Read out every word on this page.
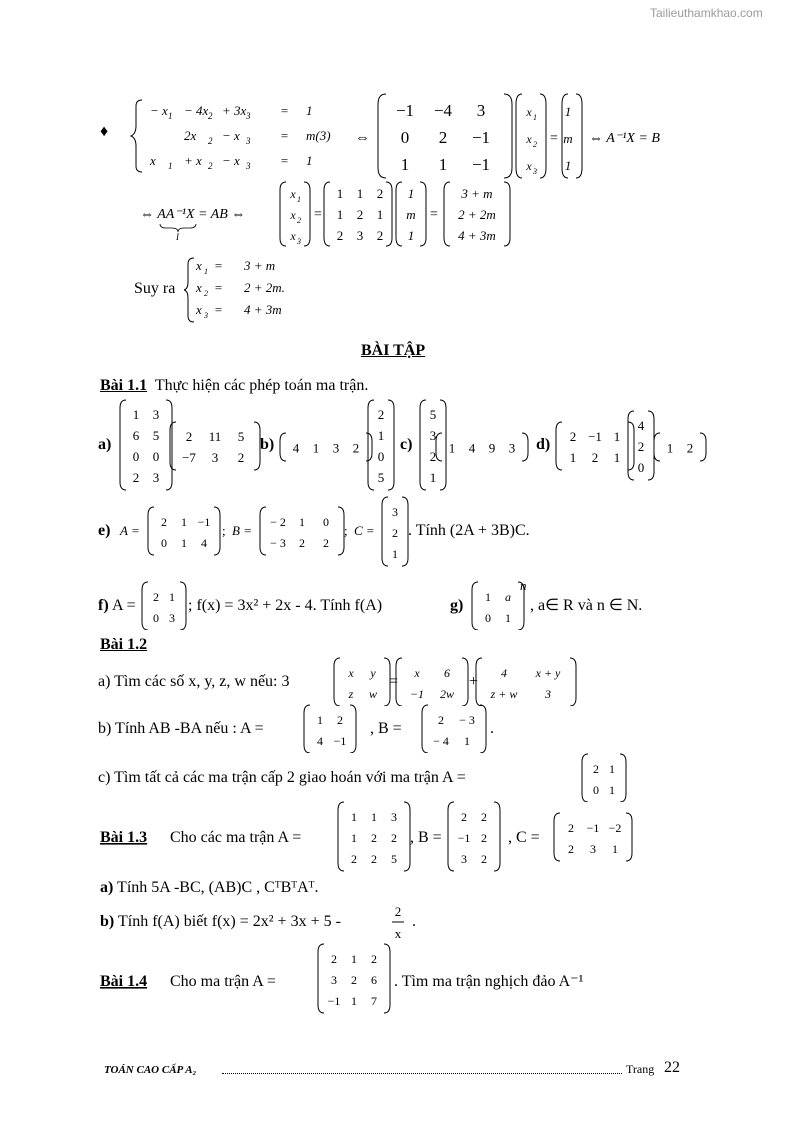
Tailieuthamkhao.com
♦
− x 1 − 4x 2 + 3x 3 = 1
2x 2 − x 3 = m(3)
x 1 + x 2 − x 3 = 1
⇔
−1 −4 3
0 2 −1
1 1 −1
x 1
x 2
x 3
=
1
m
1
⇔ A⁻¹X = B
⇔ AA⁻¹X = AB ⇔
I
x 1
x 2
x 3
=
1 1 2
1 2 1
2 3 2
1
m
1
=
3 + m
2 + 2m
4 + 3m
Suy ra
x 1 = 3 + m
x 2 = 2 + 2m.
x 3 = 4 + 3m
BÀI TẬP
Bài 1.1 Thực hiện các phép toán ma trận.
a)
1 3
6 5
0 0
2 3
2 11 5
−7 3 2
b) 4 1 3 2
2
1
0
5
c)
5
3
2
1
1 4 9 3 d) 2 −1 1
1 2 1
4
2
0
1 2
e) A =
2 1 −1
0 1 4
; B =
− 2 1 0
− 3 2 2
; C =
3
2
1
. Tính (2A + 3B)C.
f) A =
2 1
0 3
; f(x) = 3x² + 2x - 4. Tính f(A)	g)
1 a
0 1
n
, a∈ R và n ∈ N.
Bài 1.2
a) Tìm các số x, y, z, w nếu: 3
x y
z w
=
x 6
−1 2w
+
4 x + y
z + w 3
b) Tính AB -BA nếu : A =
1 2
4 −1
, B =
2 − 3
− 4 1
.
c) Tìm tất cả các ma trận cấp 2 giao hoán với ma trận A =
2 1
0 1
Bài 1.3 Cho các ma trận A =
1 1 3
1 2 2
2 2 5
, B =
2 2
−1 2
3 2
, C =
2 −1 −2
2 3 1
a) Tính 5A -BC, (AB)C , CᵀBᵀAᵀ.
b) Tính f(A) biết f(x) = 2x² + 3x + 5 -
2
x
.
Bài 1.4 Cho ma trận A =
2 1 2
3 2 6
−1 1 7
. Tìm ma trận nghịch đảo A⁻¹
TOÁN CAO CẤP A₂	Trang 22
